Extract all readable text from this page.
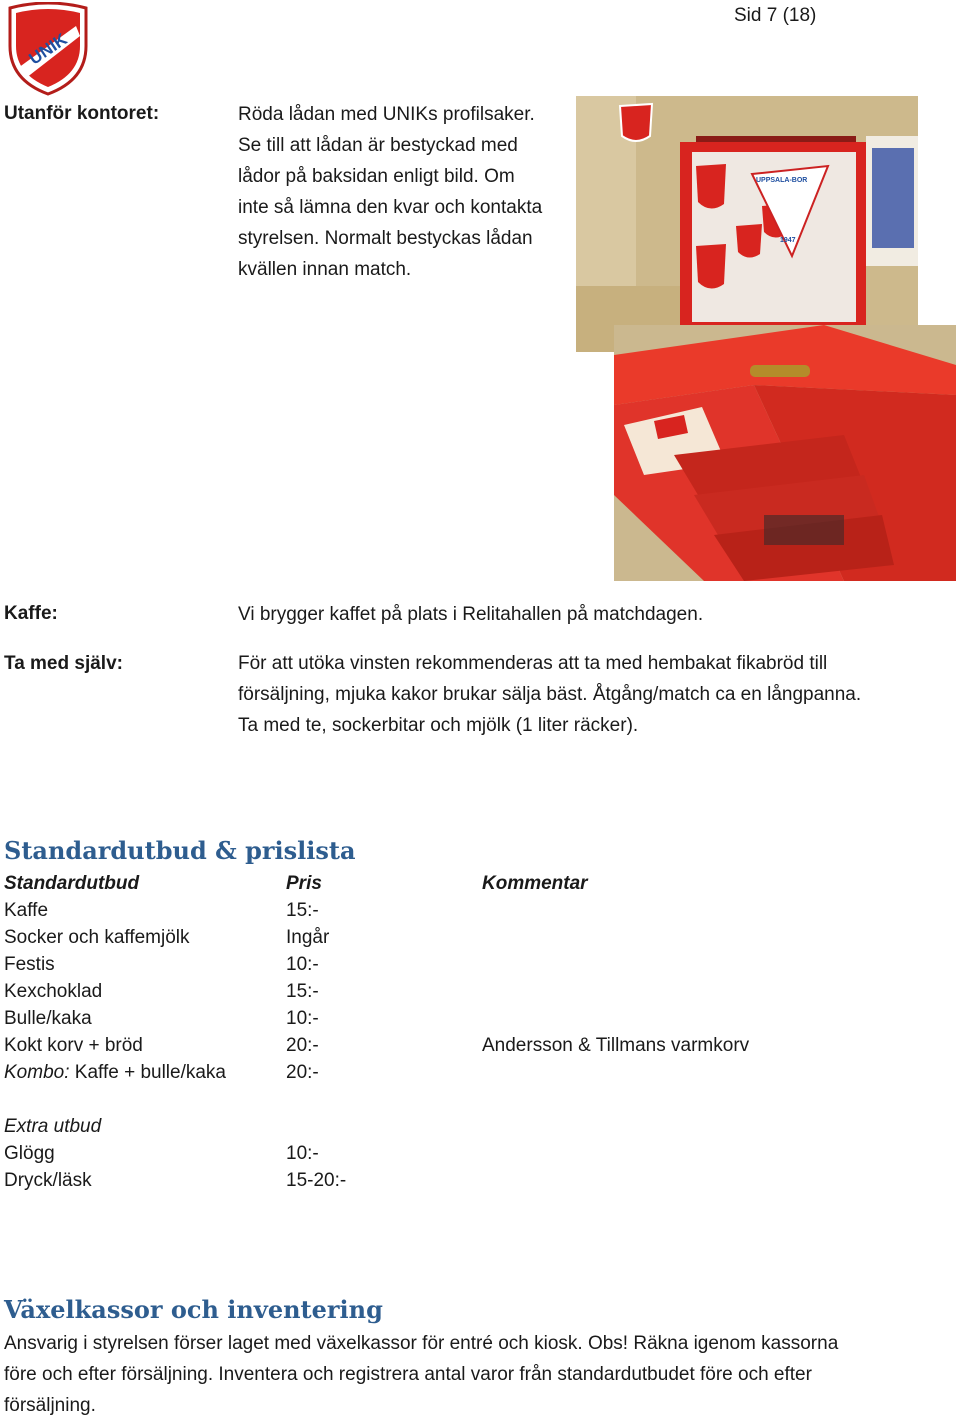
UNIK
Sid 7 (18)
Utanför kontoret:	Röda lådan med UNIKs profilsaker.
Se till att lådan är bestyckad med
lådor på baksidan enligt bild. Om
inte så lämna den kvar och kontakta
styrelsen. Normalt bestyckas lådan
kvällen innan match.
UPPSALA-BOR
1947
Kaffe:	Vi brygger kaffet på plats i Relitahallen på matchdagen.
Ta med själv:	För att utöka vinsten rekommenderas att ta med hembakat fikabröd till
försäljning, mjuka kakor brukar sälja bäst. Åtgång/match ca en långpanna.
Ta med te, sockerbitar och mjölk (1 liter räcker).
Standardutbud & prislista
Standardutbud	Pris	Kommentar
Kaffe	15:-
Socker och kaffemjölk	Ingår
Festis	10:-
Kexchoklad	15:-
Bulle/kaka	10:-
Kokt korv + bröd	20:-	Andersson & Tillmans varmkorv
Kombo: Kaffe + bulle/kaka	20:-
Extra utbud
Glögg	10:-
Dryck/läsk	15-20:-
Växelkassor och inventering
Ansvarig i styrelsen förser laget med växelkassor för entré och kiosk. Obs! Räkna igenom kassorna
före och efter försäljning. Inventera och registrera antal varor från standardutbudet före och efter
försäljning.
